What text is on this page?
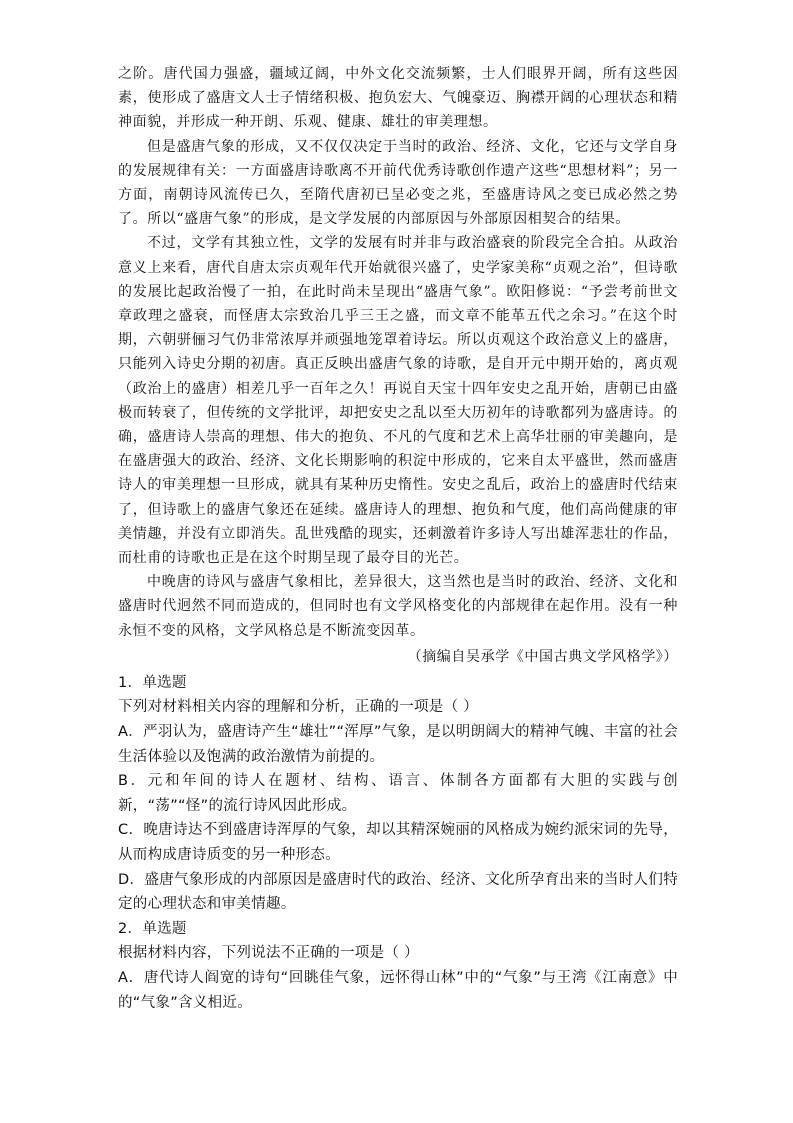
之阶。唐代国力强盛，疆域辽阔，中外文化交流频繁，士人们眼界开阔，所有这些因素，使形成了盛唐文人士子情绪积极、抱负宏大、气魄豪迈、胸襟开阔的心理状态和精神面貌，并形成一种开朗、乐观、健康、雄壮的审美理想。

但是盛唐气象的形成，又不仅仅决定于当时的政治、经济、文化，它还与文学自身的发展规律有关：一方面盛唐诗歌离不开前代优秀诗歌创作遗产这些“思想材料”；另一方面，南朝诗风流传已久，至隋代唐初已呈必变之兆，至盛唐诗风之变已成必然之势了。所以“盛唐气象”的形成，是文学发展的内部原因与外部原因相契合的结果。

不过，文学有其独立性，文学的发展有时并非与政治盛衰的阶段完全合拍。从政治意义上来看，唐代自唐太宗贞观年代开始就很兴盛了，史学家美称“贞观之治”，但诗歌的发展比起政治慢了一拍，在此时尚未呈现出“盛唐气象”。欧阳修说：“予尝考前世文章政理之盛衰，而怪唐太宗致治几乎三王之盛，而文章不能革五代之余习。”在这个时期，六朝骈俪习气仍非常浓厚并顽强地笼罩着诗坛。所以贞观这个政治意义上的盛唐，只能列入诗史分期的初唐。真正反映出盛唐气象的诗歌，是自开元中期开始的，离贞观（政治上的盛唐）相差几乎一百年之久！再说自天宝十四年安史之乱开始，唐朝已由盛极而转衰了，但传统的文学批评，却把安史之乱以至大历初年的诗歌都列为盛唐诗。的确，盛唐诗人崇高的理想、伟大的抱负、不凡的气度和艺术上高华壮丽的审美趣向，是在盛唐强大的政治、经济、文化长期影响的积淀中形成的，它来自太平盛世，然而盛唐诗人的审美理想一旦形成，就具有某种历史惰性。安史之乱后，政治上的盛唐时代结束了，但诗歌上的盛唐气象还在延续。盛唐诗人的理想、抱负和气度，他们高尚健康的审美情趣，并没有立即消失。乱世残酷的现实，还刺激着许多诗人写出雄浑悲壮的作品，而杜甫的诗歌也正是在这个时期呈现了最夺目的光芒。

中晚唐的诗风与盛唐气象相比，差异很大，这当然也是当时的政治、经济、文化和盛唐时代迥然不同而造成的，但同时也有文学风格变化的内部规律在起作用。没有一种永恒不变的风格，文学风格总是不断流变因革。

（摘编自吴承学《中国古典文学风格学》）
1．单选题
下列对材料相关内容的理解和分析，正确的一项是（ ）
A．严羽认为，盛唐诗产生“雄壮”“浑厚”气象，是以明朗阔大的精神气魄、丰富的社会生活体验以及饱满的政治激情为前提的。
B．元和年间的诗人在题材、结构、语言、体制各方面都有大胆的实践与创新，“荡”“怪”的流行诗风因此形成。
C．晚唐诗达不到盛唐诗浑厚的气象，却以其精深婉丽的风格成为婉约派宋词的先导，从而构成唐诗质变的另一种形态。
D．盛唐气象形成的内部原因是盛唐时代的政治、经济、文化所孕育出来的当时人们特定的心理状态和审美情趣。
2．单选题
根据材料内容，下列说法不正确的一项是（ ）
A．唐代诗人阎宽的诗句“回眺佳气象，远怀得山林”中的“气象”与王湾《江南意》中的“气象”含义相近。
